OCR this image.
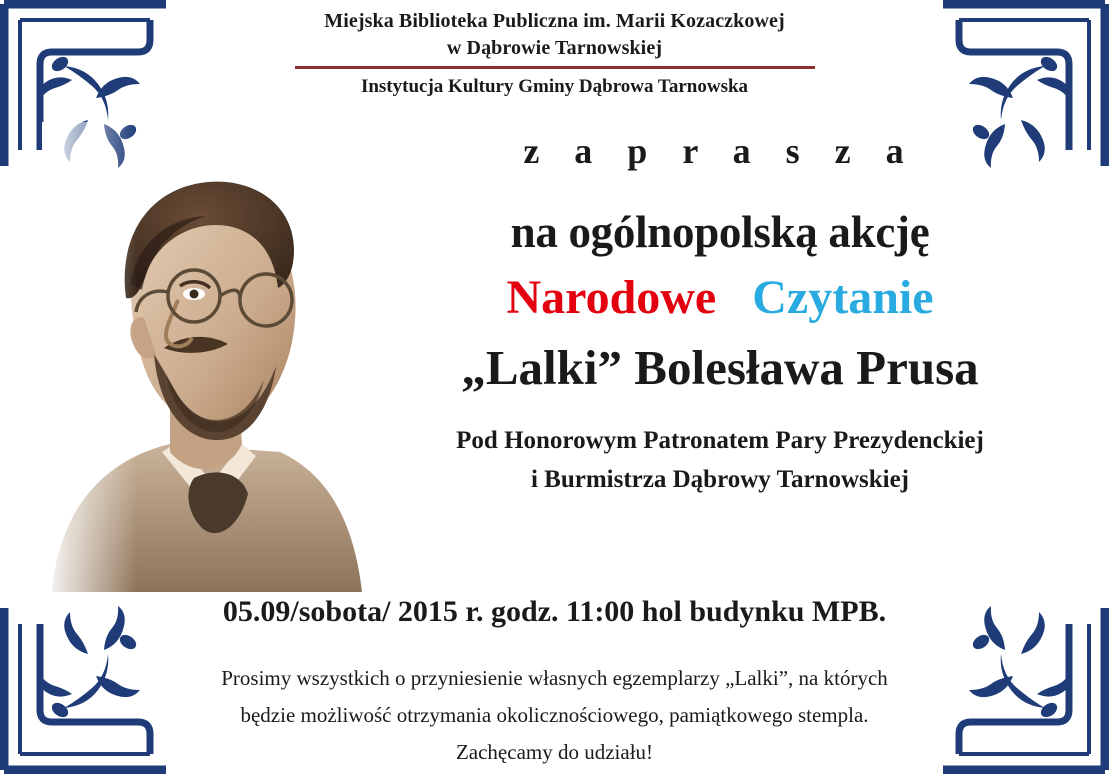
Miejska Biblioteka Publiczna im. Marii Kozaczkowej
w Dąbrowie Tarnowskiej
Instytucja Kultury Gminy Dąbrowa Tarnowska
z a p r a s z a
na ogólnopolską akcję
Narodowe Czytanie
„Lalki” Bolesława Prusa
Pod Honorowym Patronatem Pary Prezydenckiej
i Burmistrza Dąbrowy Tarnowskiej
05.09/sobota/ 2015 r. godz. 11:00 hol budynku MPB.
Prosimy wszystkich o przyniesienie własnych egzemplarzy „Lalki”, na których
będzie możliwość otrzymania okolicznościowego, pamiątkowego stempla.
Zachęcamy do udziału!
